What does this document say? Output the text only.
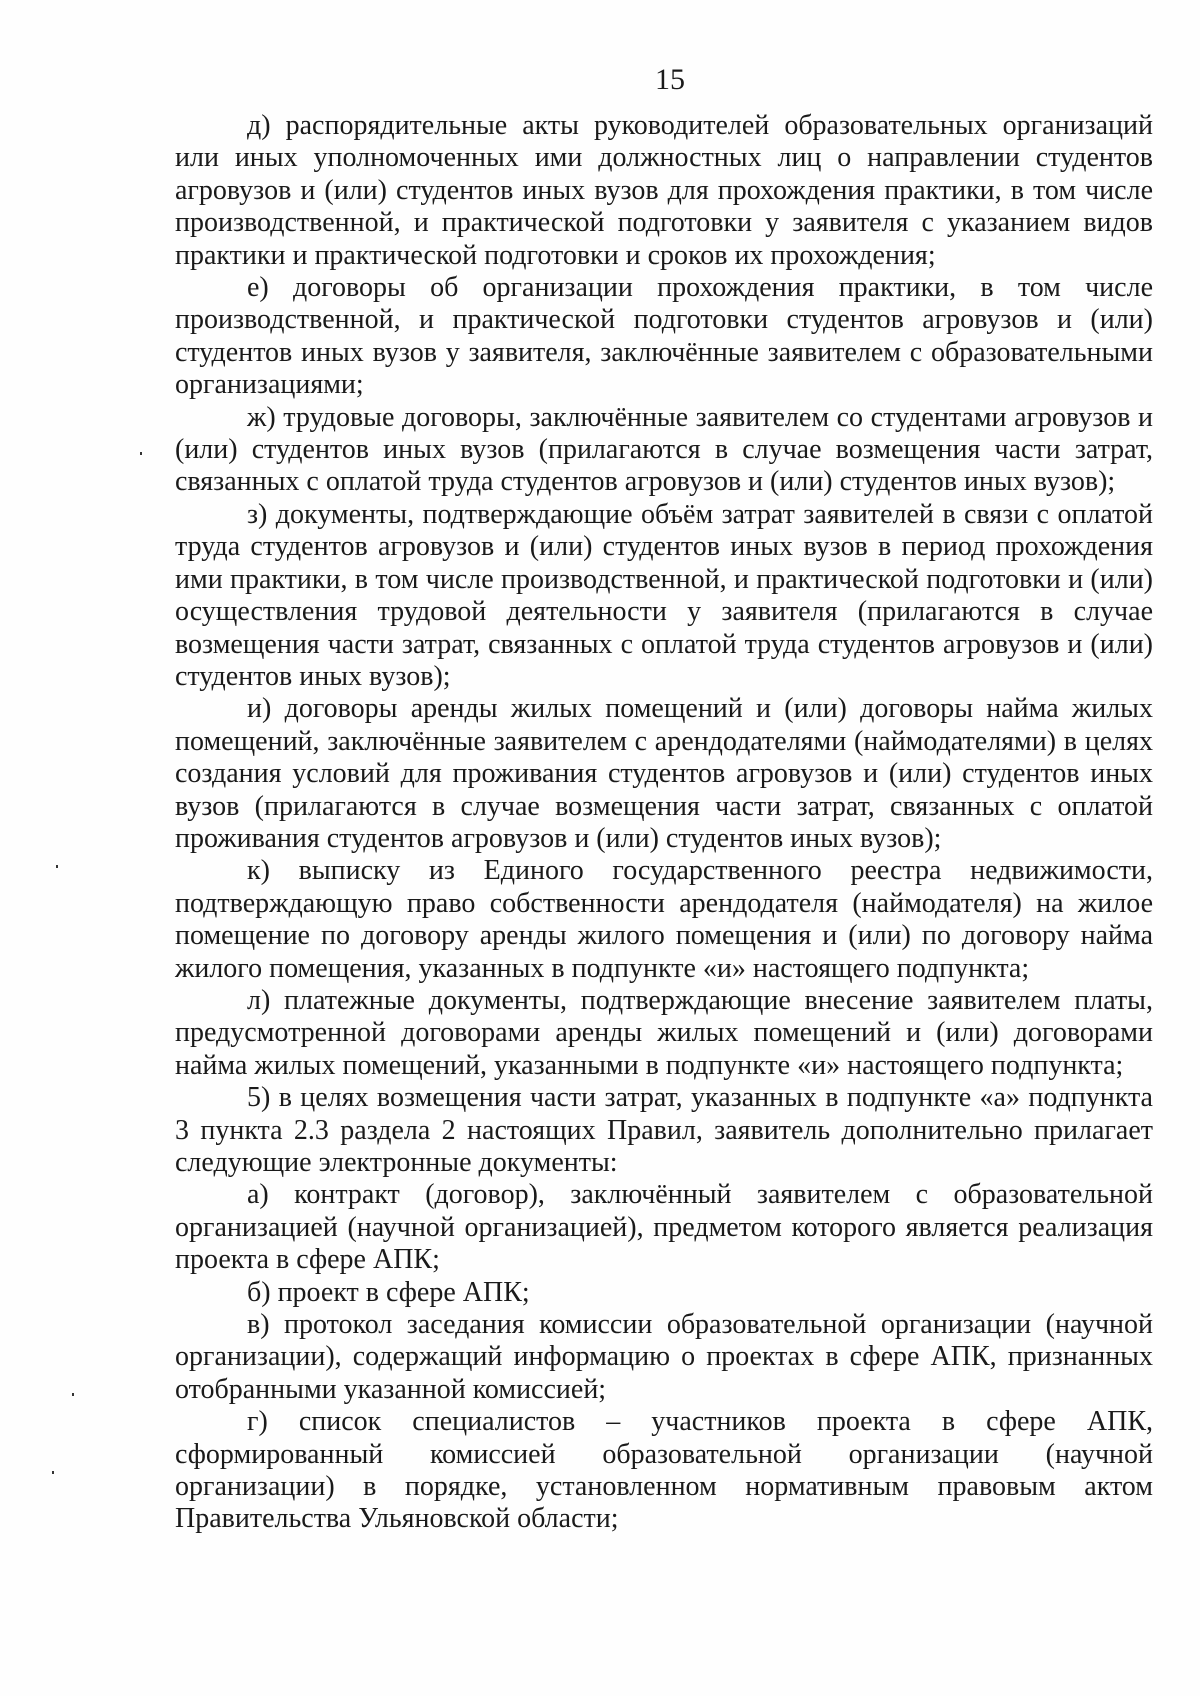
15

д) распорядительные акты руководителей образовательных организаций или иных уполномоченных ими должностных лиц о направлении студентов агровузов и (или) студентов иных вузов для прохождения практики, в том числе производственной, и практической подготовки у заявителя с указанием видов практики и практической подготовки и сроков их прохождения;

е) договоры об организации прохождения практики, в том числе производственной, и практической подготовки студентов агровузов и (или) студентов иных вузов у заявителя, заключённые заявителем с образовательными организациями;

ж) трудовые договоры, заключённые заявителем со студентами агровузов и (или) студентов иных вузов (прилагаются в случае возмещения части затрат, связанных с оплатой труда студентов агровузов и (или) студентов иных вузов);

з) документы, подтверждающие объём затрат заявителей в связи с оплатой труда студентов агровузов и (или) студентов иных вузов в период прохождения ими практики, в том числе производственной, и практической подготовки и (или) осуществления трудовой деятельности у заявителя (прилагаются в случае возмещения части затрат, связанных с оплатой труда студентов агровузов и (или) студентов иных вузов);

и) договоры аренды жилых помещений и (или) договоры найма жилых помещений, заключённые заявителем с арендодателями (наймодателями) в целях создания условий для проживания студентов агровузов и (или) студентов иных вузов (прилагаются в случае возмещения части затрат, связанных с оплатой проживания студентов агровузов и (или) студентов иных вузов);

к) выписку из Единого государственного реестра недвижимости, подтверждающую право собственности арендодателя (наймодателя) на жилое помещение по договору аренды жилого помещения и (или) по договору найма жилого помещения, указанных в подпункте «и» настоящего подпункта;

л) платежные документы, подтверждающие внесение заявителем платы, предусмотренной договорами аренды жилых помещений и (или) договорами найма жилых помещений, указанными в подпункте «и» настоящего подпункта;

5) в целях возмещения части затрат, указанных в подпункте «а» подпункта 3 пункта 2.3 раздела 2 настоящих Правил, заявитель дополнительно прилагает следующие электронные документы:

а) контракт (договор), заключённый заявителем с образовательной организацией (научной организацией), предметом которого является реализация проекта в сфере АПК;

б) проект в сфере АПК;

в) протокол заседания комиссии образовательной организации (научной организации), содержащий информацию о проектах в сфере АПК, признанных отобранными указанной комиссией;

г) список специалистов – участников проекта в сфере АПК, сформированный комиссией образовательной организации (научной организации) в порядке, установленном нормативным правовым актом Правительства Ульяновской области;
